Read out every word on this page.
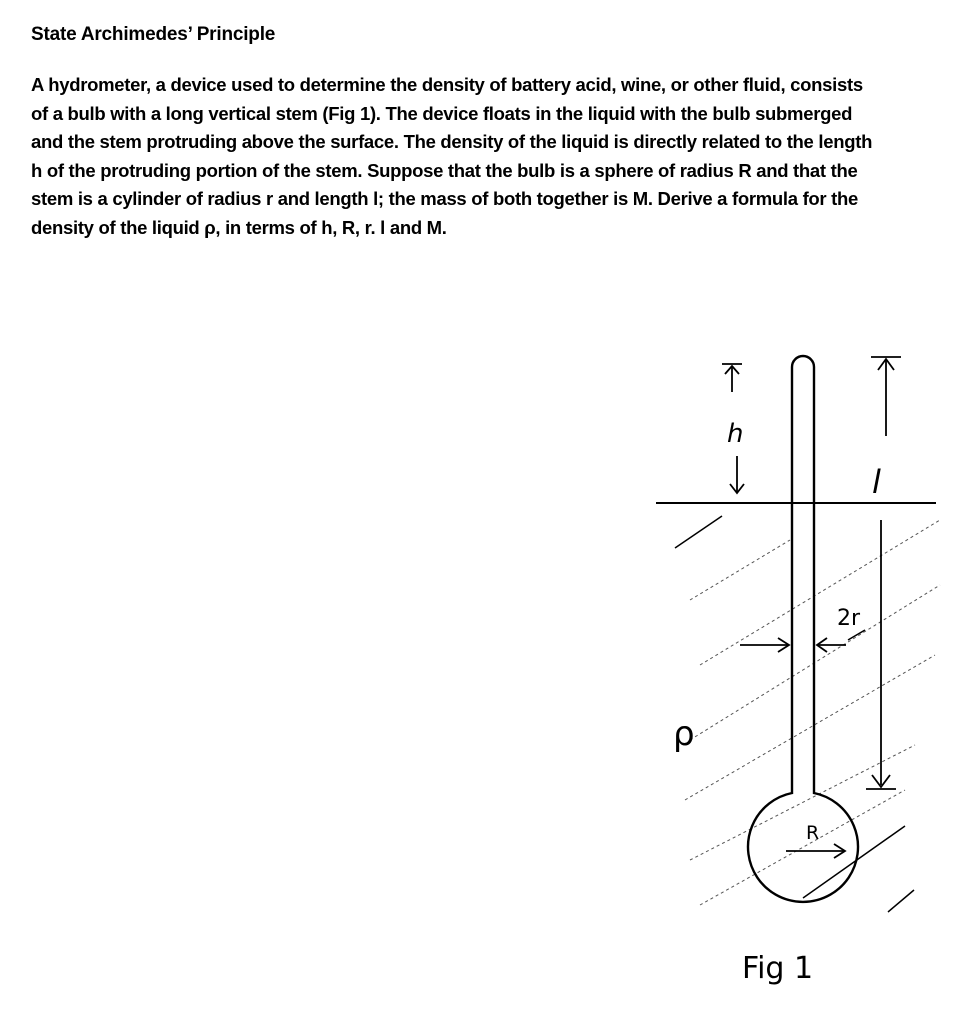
State Archimedes’ Principle
A hydrometer, a device used to determine the density of battery acid, wine, or other fluid, consists of a bulb with a long vertical stem (Fig 1). The device floats in the liquid with the bulb submerged and the stem protruding above the surface. The density of the liquid is directly related to the length h of the protruding portion of the stem. Suppose that the bulb is a sphere of radius R and that the stem is a cylinder of radius r and length l; the mass of both together is M. Derive a formula for the density of the liquid ρ, in terms of h, R, r. l and M.
h
l
2r
R
ρ
Fig 1
